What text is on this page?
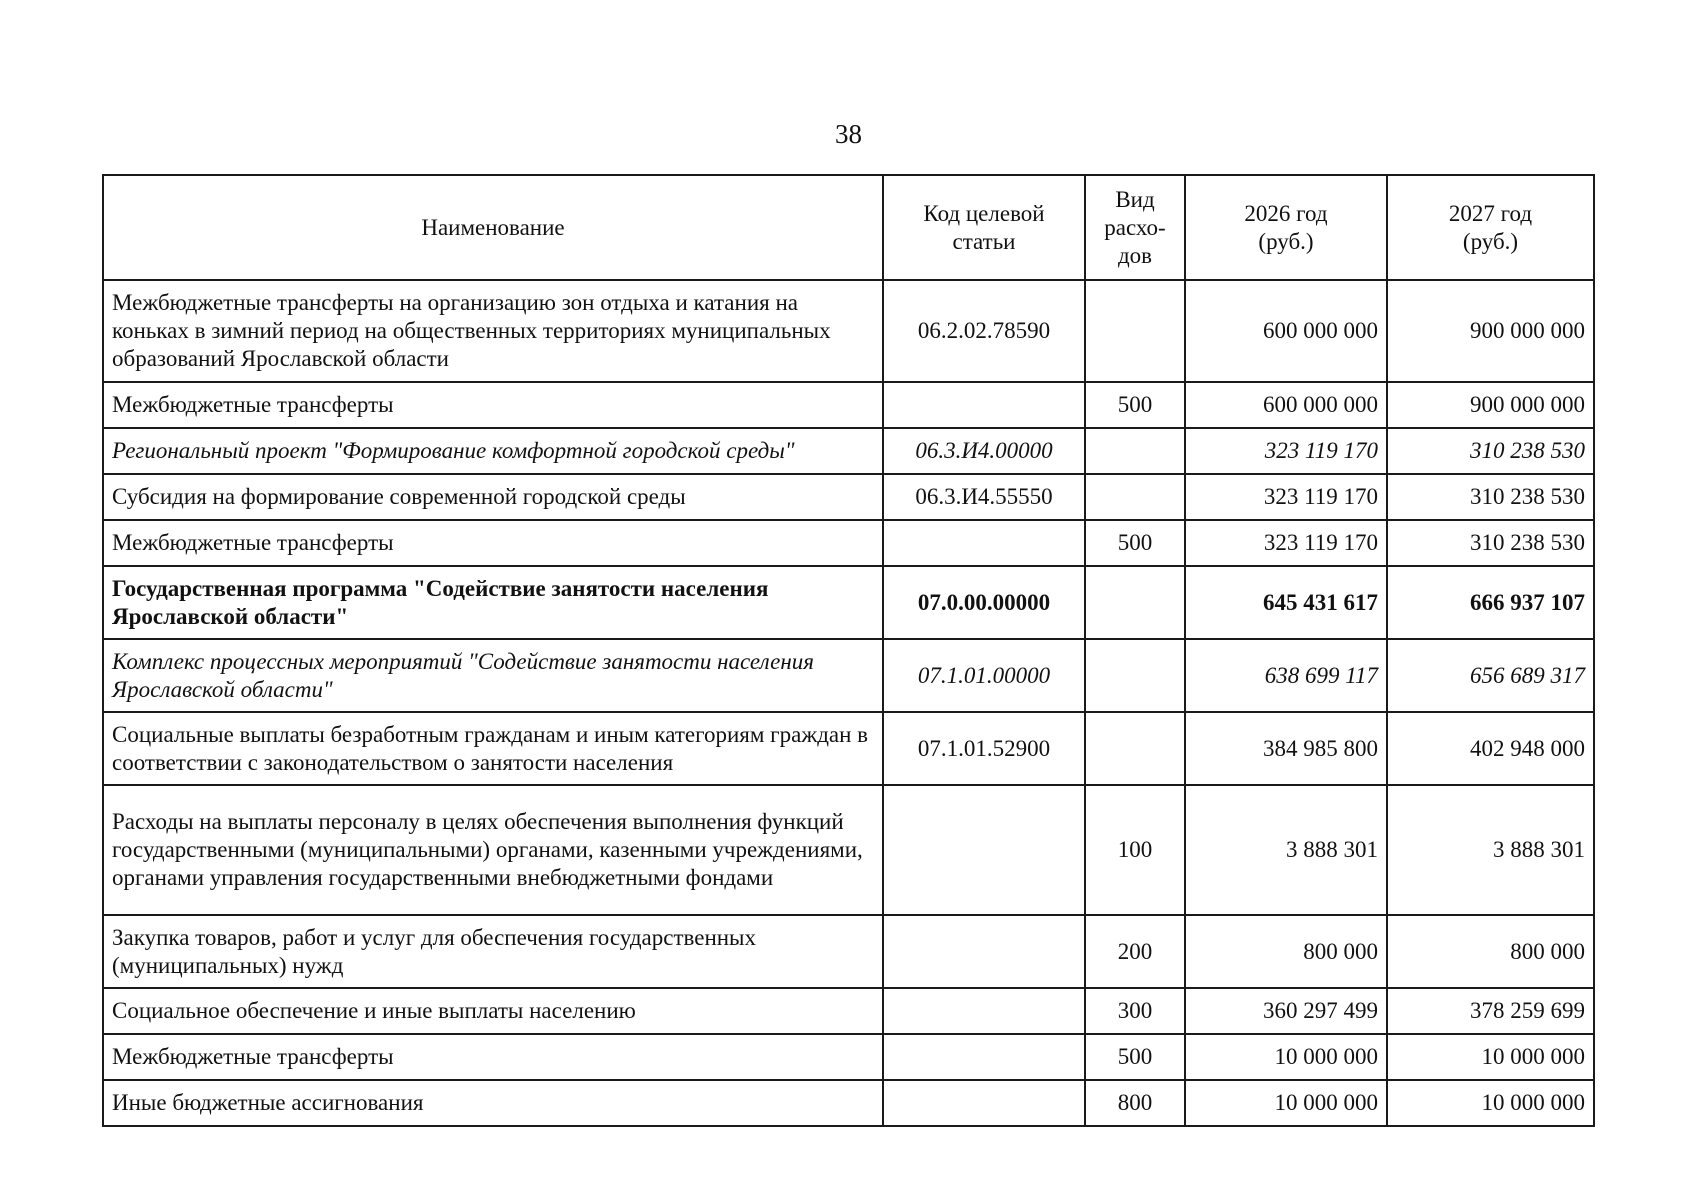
38
Наименование	Код целевой статьи	Вид расхо-дов	2026 год (руб.)	2027 год (руб.)
Межбюджетные трансферты на организацию зон отдыха и катания на коньках в зимний период на общественных территориях муниципальных образований Ярославской области	06.2.02.78590		600 000 000	900 000 000
Межбюджетные трансферты		500	600 000 000	900 000 000
Региональный проект "Формирование комфортной городской среды"	06.3.И4.00000		323 119 170	310 238 530
Субсидия на формирование современной городской среды	06.3.И4.55550		323 119 170	310 238 530
Межбюджетные трансферты		500	323 119 170	310 238 530
Государственная программа "Содействие занятости населения Ярославской области"	07.0.00.00000		645 431 617	666 937 107
Комплекс процессных мероприятий "Содействие занятости населения Ярославской области"	07.1.01.00000		638 699 117	656 689 317
Социальные выплаты безработным гражданам и иным категориям граждан в соответствии с законодательством о занятости населения	07.1.01.52900		384 985 800	402 948 000
Расходы на выплаты персоналу в целях обеспечения выполнения функций государственными (муниципальными) органами, казенными учреждениями, органами управления государственными внебюджетными фондами		100	3 888 301	3 888 301
Закупка товаров, работ и услуг для обеспечения государственных (муниципальных) нужд		200	800 000	800 000
Социальное обеспечение и иные выплаты населению		300	360 297 499	378 259 699
Межбюджетные трансферты		500	10 000 000	10 000 000
Иные бюджетные ассигнования		800	10 000 000	10 000 000
